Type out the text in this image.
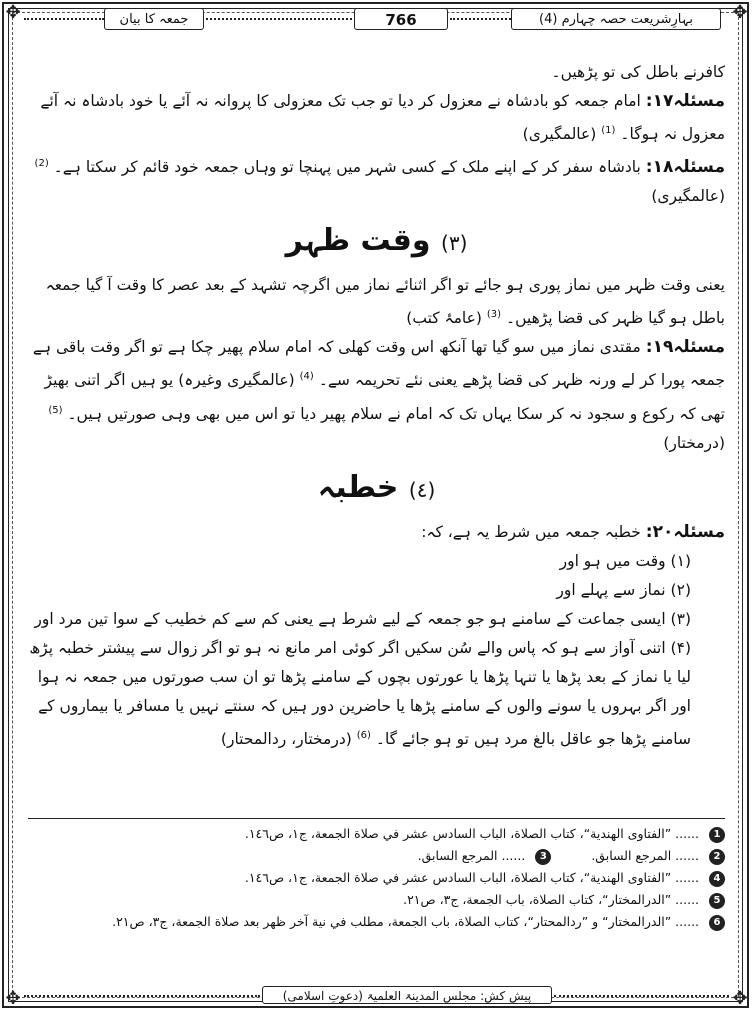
✥	✥
✥	✥
جمعہ کا بیان	766	بہارِشریعت حصہ چہارم (4)

کافرنے باطل کی تو پڑھیں۔

مسئلہ۱۷: امام جمعہ کو بادشاہ نے معزول کر دیا تو جب تک معزولی کا پروانہ نہ آئے یا خود بادشاہ نہ آئے معزول نہ ہوگا۔ $^{(1)}$ (عالمگیری)

مسئلہ۱۸: بادشاہ سفر کر کے اپنے ملک کے کسی شہر میں پہنچا تو وہاں جمعہ خود قائم کر سکتا ہے۔ $^{(2)}$ (عالمگیری)

(۳) وقت ظہر

یعنی وقت ظہر میں نماز پوری ہو جائے تو اگر اثنائے نماز میں اگرچہ تشہد کے بعد عصر کا وقت آ گیا جمعہ باطل ہو گیا ظہر کی قضا پڑھیں۔ $^{(3)}$ (عامۂ کتب)

مسئلہ۱۹: مقتدی نماز میں سو گیا تھا آنکھ اس وقت کھلی کہ امام سلام پھیر چکا ہے تو اگر وقت باقی ہے جمعہ پورا کر لے ورنہ ظہر کی قضا پڑھے یعنی نئے تحریمہ سے۔ $^{(4)}$ (عالمگیری وغیرہ) یو ہیں اگر اتنی بھیڑ تھی کہ رکوع و سجود نہ کر سکا یہاں تک کہ امام نے سلام پھیر دیا تو اس میں بھی وہی صورتیں ہیں۔ $^{(5)}$ (درمختار)

(٤) خطبہ

مسئلہ۲۰: خطبہ جمعہ میں شرط یہ ہے، کہ:

(۱) وقت میں ہو اور

(۲) نماز سے پہلے اور

(۳) ایسی جماعت کے سامنے ہو جو جمعہ کے لیے شرط ہے یعنی کم سے کم خطیب کے سوا تین مرد اور

(۴) اتنی آواز سے ہو کہ پاس والے سُن سکیں اگر کوئی امر مانع نہ ہو تو اگر زوال سے پیشتر خطبہ پڑھ لیا یا نماز کے بعد پڑھا یا تنہا پڑھا یا عورتوں بچوں کے سامنے پڑھا تو ان سب صورتوں میں جمعہ نہ ہوا اور اگر بہروں یا سونے والوں کے سامنے پڑھا یا حاضرین دور ہیں کہ سنتے نہیں یا مسافر یا بیماروں کے سامنے پڑھا جو عاقل بالغ مرد ہیں تو ہو جائے گا۔ $^{(6)}$ (درمختار، ردالمحتار)

1 ...... ”الفتاوى الهندية“، كتاب الصلاة، الباب السادس عشر في صلاة الجمعة، ج١، ص١٤٦.

2 ...... المرجع السابق.

3 ...... المرجع السابق.

4 ...... ”الفتاوى الهندية“، كتاب الصلاة، الباب السادس عشر في صلاة الجمعة، ج١، ص١٤٦.

5 ...... ”الدرالمختار“، كتاب الصلاة، باب الجمعة، ج٣، ص٢١.

6 ...... ”الدرالمختار“ و ”ردالمحتار“، كتاب الصلاة، باب الجمعة، مطلب في نية آخر ظهر بعد صلاة الجمعة، ج٣، ص٢١.

پیش کش: مجلس المدینۃ العلمیۃ (دعوتِ اسلامی)
